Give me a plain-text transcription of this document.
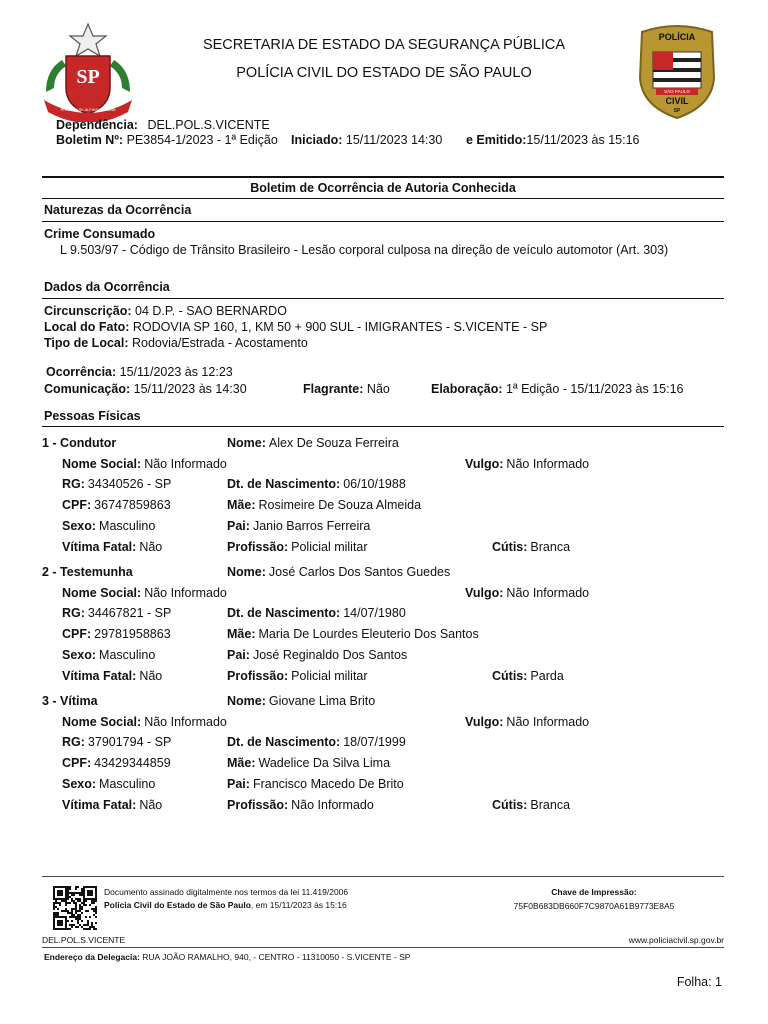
SP
PRO BRASILIA FIANT EXIMIA
SECRETARIA DE ESTADO DA SEGURANÇA PÚBLICA
POLÍCIA CIVIL DO ESTADO DE SÃO PAULO
POLÍCIA
SÃO PAULO
CIVIL
SP
Dependência: DEL.POL.S.VICENTE
Boletim Nº: PE3854-1/2023 - 1ª Edição Iniciado: 15/11/2023 14:30 e Emitido:15/11/2023 às 15:16
Boletim de Ocorrência de Autoria Conhecida
Naturezas da Ocorrência
Crime Consumado
L 9.503/97 - Código de Trânsito Brasileiro - Lesão corporal culposa na direção de veículo automotor (Art. 303)
Dados da Ocorrência
Circunscrição: 04 D.P. - SAO BERNARDO
Local do Fato: RODOVIA SP 160, 1, KM 50 + 900 SUL - IMIGRANTES - S.VICENTE - SP
Tipo de Local: Rodovia/Estrada - Acostamento
Ocorrência: 15/11/2023 às 12:23
Comunicação: 15/11/2023 às 14:30	Flagrante: Não	Elaboração: 1ª Edição - 15/11/2023 às 15:16
Pessoas Físicas
1 - Condutor	Nome: Alex De Souza Ferreira
Nome Social: Não Informado	Vulgo: Não Informado
RG: 34340526 - SP	Dt. de Nascimento: 06/10/1988
CPF: 36747859863	Mãe: Rosimeire De Souza Almeida
Sexo: Masculino	Pai: Janio Barros Ferreira
Vítima Fatal: Não	Profissão: Policial militar	Cútis: Branca
2 - Testemunha	Nome: José Carlos Dos Santos Guedes
Nome Social: Não Informado	Vulgo: Não Informado
RG: 34467821 - SP	Dt. de Nascimento: 14/07/1980
CPF: 29781958863	Mãe: Maria De Lourdes Eleuterio Dos Santos
Sexo: Masculino	Pai: José Reginaldo Dos Santos
Vítima Fatal: Não	Profissão: Policial militar	Cútis: Parda
3 - Vítima	Nome: Giovane Lima Brito
Nome Social: Não Informado	Vulgo: Não Informado
RG: 37901794 - SP	Dt. de Nascimento: 18/07/1999
CPF: 43429344859	Mãe: Wadelice Da Silva Lima
Sexo: Masculino	Pai: Francisco Macedo De Brito
Vítima Fatal: Não	Profissão: Não Informado	Cútis: Branca
Documento assinado digitalmente nos termos da lei 11.419/2006
Polícia Civil do Estado de São Paulo, em 15/11/2023 às 15:16
Chave de Impressão:
75F0B683DB660F7C9870A61B9773E8A5
DEL.POL.S.VICENTE	www.policiacivil.sp.gov.br
Endereço da Delegacia: RUA JOÃO RAMALHO, 940, - CENTRO - 11310050 - S.VICENTE - SP
Folha: 1
